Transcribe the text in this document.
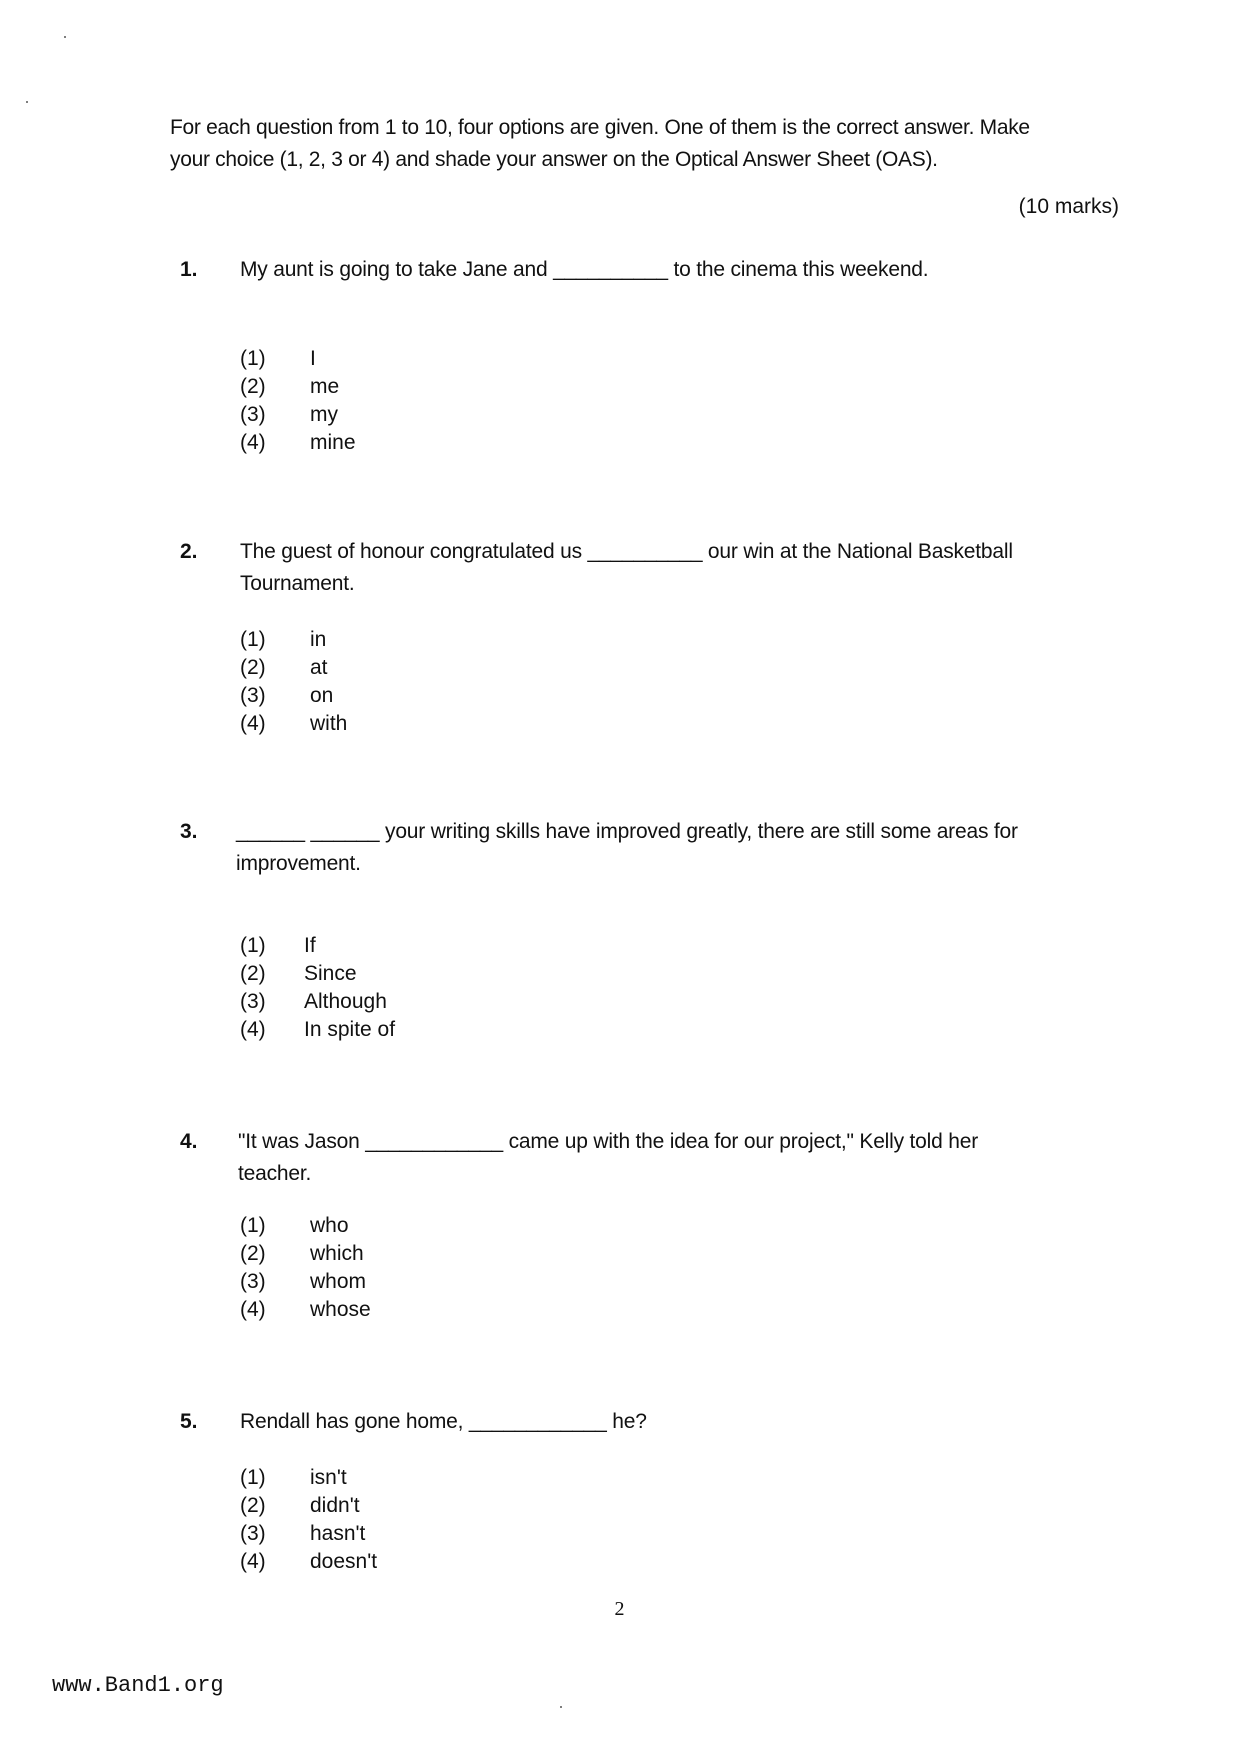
For each question from 1 to 10, four options are given. One of them is the correct answer. Make your choice (1, 2, 3 or 4) and shade your answer on the Optical Answer Sheet (OAS).
(10 marks)
1. My aunt is going to take Jane and __________ to the cinema this weekend.
(1)	I
(2)	me
(3)	my
(4)	mine
2. The guest of honour congratulated us __________ our win at the National Basketball Tournament.
(1)	in
(2)	at
(3)	on
(4)	with
3. ______ ______ your writing skills have improved greatly, there are still some areas for improvement.
(1)	If
(2)	Since
(3)	Although
(4)	In spite of
4. "It was Jason ____________ came up with the idea for our project," Kelly told her teacher.
(1)	who
(2)	which
(3)	whom
(4)	whose
5. Rendall has gone home, ____________ he?
(1)	isn't
(2)	didn't
(3)	hasn't
(4)	doesn't
2
www.Band1.org
